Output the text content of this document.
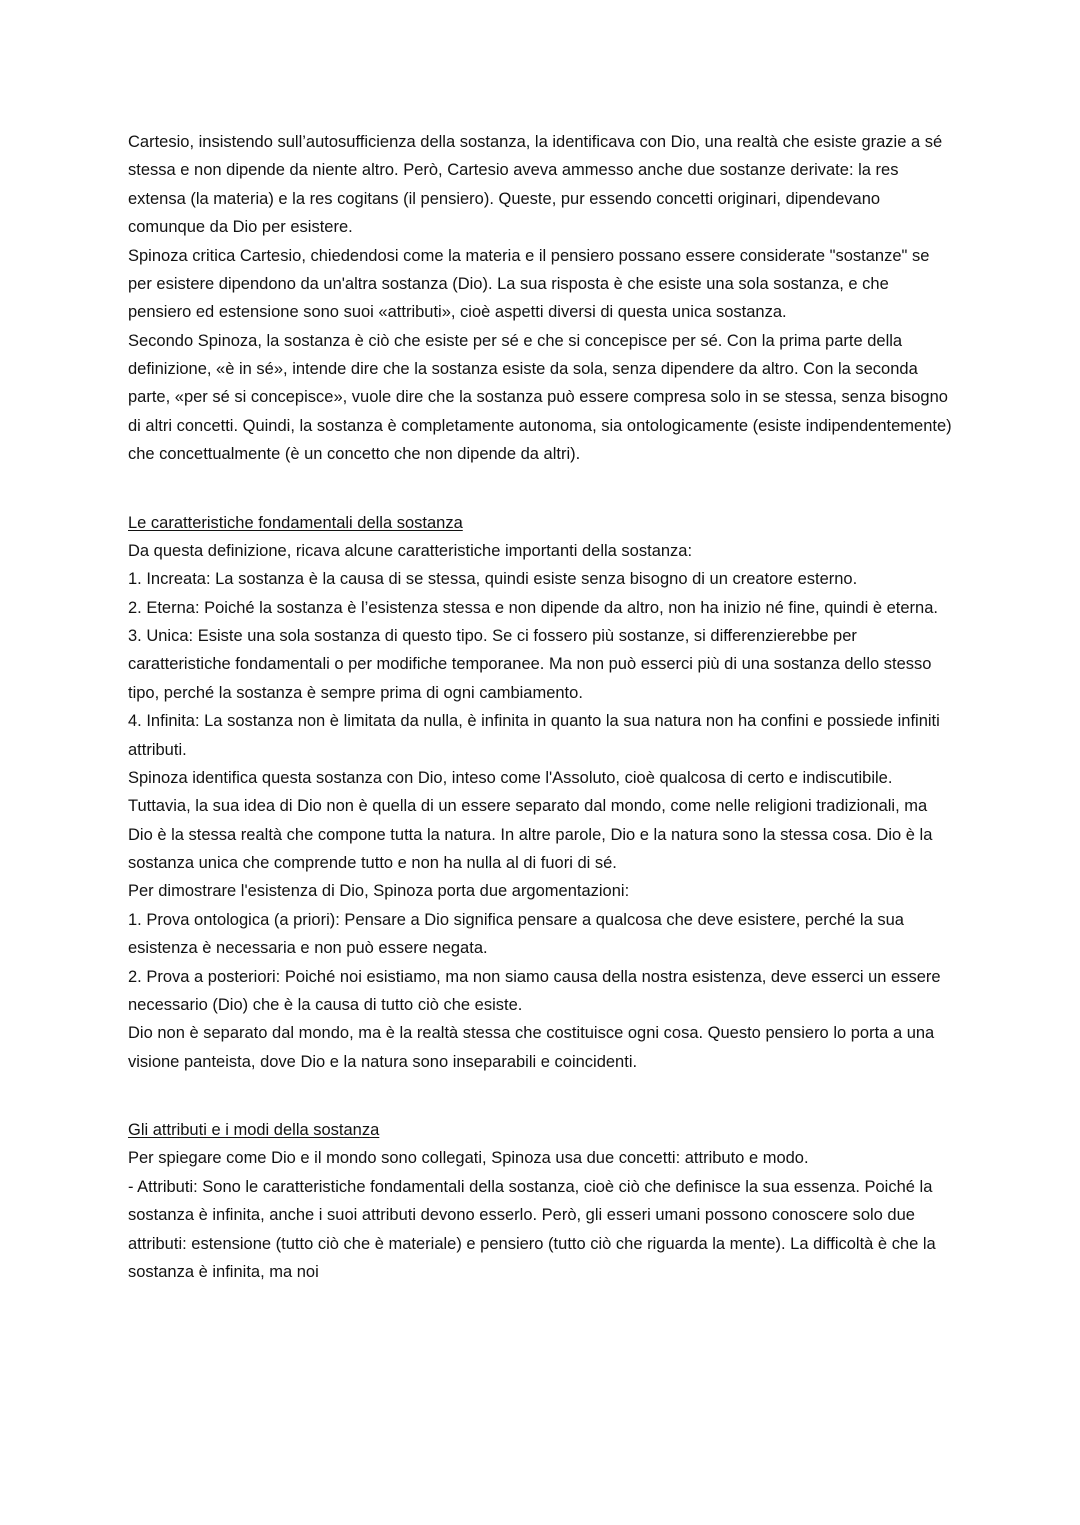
Cartesio, insistendo sull’autosufficienza della sostanza, la identificava con Dio, una realtà che esiste grazie a sé stessa e non dipende da niente altro. Però, Cartesio aveva ammesso anche due sostanze derivate: la res extensa (la materia) e la res cogitans (il pensiero). Queste, pur essendo concetti originari, dipendevano comunque da Dio per esistere.

Spinoza critica Cartesio, chiedendosi come la materia e il pensiero possano essere considerate "sostanze" se per esistere dipendono da un'altra sostanza (Dio). La sua risposta è che esiste una sola sostanza, e che pensiero ed estensione sono suoi «attributi», cioè aspetti diversi di questa unica sostanza.

Secondo Spinoza, la sostanza è ciò che esiste per sé e che si concepisce per sé. Con la prima parte della definizione, «è in sé», intende dire che la sostanza esiste da sola, senza dipendere da altro. Con la seconda parte, «per sé si concepisce», vuole dire che la sostanza può essere compresa solo in se stessa, senza bisogno di altri concetti. Quindi, la sostanza è completamente autonoma, sia ontologicamente (esiste indipendentemente) che concettualmente (è un concetto che non dipende da altri).

Le caratteristiche fondamentali della sostanza

Da questa definizione, ricava alcune caratteristiche importanti della sostanza:

1. Increata: La sostanza è la causa di se stessa, quindi esiste senza bisogno di un creatore esterno.

2. Eterna: Poiché la sostanza è l’esistenza stessa e non dipende da altro, non ha inizio né fine, quindi è eterna.

3. Unica: Esiste una sola sostanza di questo tipo. Se ci fossero più sostanze, si differenzierebbe per caratteristiche fondamentali o per modifiche temporanee. Ma non può esserci più di una sostanza dello stesso tipo, perché la sostanza è sempre prima di ogni cambiamento.

4. Infinita: La sostanza non è limitata da nulla, è infinita in quanto la sua natura non ha confini e possiede infiniti attributi.

Spinoza identifica questa sostanza con Dio, inteso come l'Assoluto, cioè qualcosa di certo e indiscutibile. Tuttavia, la sua idea di Dio non è quella di un essere separato dal mondo, come nelle religioni tradizionali, ma Dio è la stessa realtà che compone tutta la natura. In altre parole, Dio e la natura sono la stessa cosa. Dio è la sostanza unica che comprende tutto e non ha nulla al di fuori di sé.

Per dimostrare l'esistenza di Dio, Spinoza porta due argomentazioni:

1. Prova ontologica (a priori): Pensare a Dio significa pensare a qualcosa che deve esistere, perché la sua esistenza è necessaria e non può essere negata.

2. Prova a posteriori: Poiché noi esistiamo, ma non siamo causa della nostra esistenza, deve esserci un essere necessario (Dio) che è la causa di tutto ciò che esiste.

Dio non è separato dal mondo, ma è la realtà stessa che costituisce ogni cosa. Questo pensiero lo porta a una visione panteista, dove Dio e la natura sono inseparabili e coincidenti.

Gli attributi e i modi della sostanza

Per spiegare come Dio e il mondo sono collegati, Spinoza usa due concetti: attributo e modo.

- Attributi: Sono le caratteristiche fondamentali della sostanza, cioè ciò che definisce la sua essenza. Poiché la sostanza è infinita, anche i suoi attributi devono esserlo. Però, gli esseri umani possono conoscere solo due attributi: estensione (tutto ciò che è materiale) e pensiero (tutto ciò che riguarda la mente). La difficoltà è che la sostanza è infinita, ma noi
